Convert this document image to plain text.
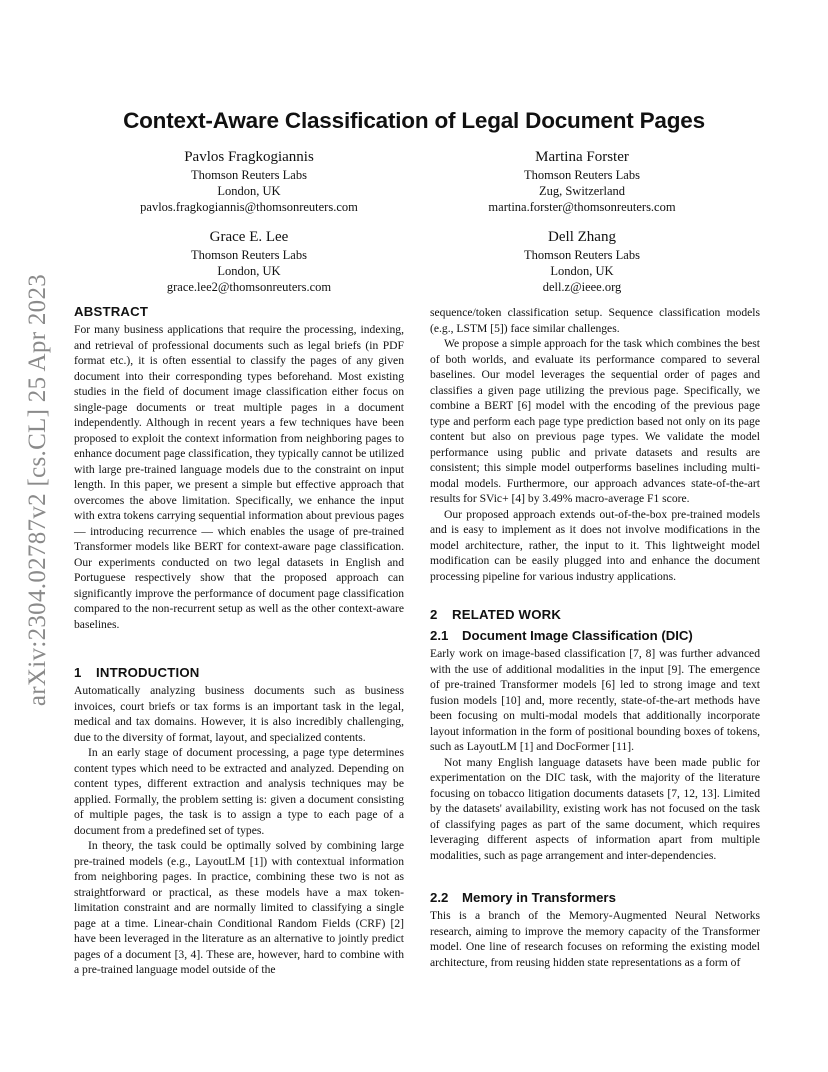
arXiv:2304.02787v2 [cs.CL] 25 Apr 2023
Context-Aware Classification of Legal Document Pages
Pavlos Fragkogiannis
Thomson Reuters Labs
London, UK
pavlos.fragkogiannis@thomsonreuters.com
Martina Forster
Thomson Reuters Labs
Zug, Switzerland
martina.forster@thomsonreuters.com
Grace E. Lee
Thomson Reuters Labs
London, UK
grace.lee2@thomsonreuters.com
Dell Zhang
Thomson Reuters Labs
London, UK
dell.z@ieee.org
ABSTRACT

For many business applications that require the processing, indexing, and retrieval of professional documents such as legal briefs (in PDF format etc.), it is often essential to classify the pages of any given document into their corresponding types beforehand. Most existing studies in the field of document image classification either focus on single-page documents or treat multiple pages in a document independently. Although in recent years a few techniques have been proposed to exploit the context information from neighboring pages to enhance document page classification, they typically cannot be utilized with large pre-trained language models due to the constraint on input length. In this paper, we present a simple but effective approach that overcomes the above limitation. Specifically, we enhance the input with extra tokens carrying sequential information about previous pages — introducing recurrence — which enables the usage of pre-trained Transformer models like BERT for context-aware page classification. Our experiments conducted on two legal datasets in English and Portuguese respectively show that the proposed approach can significantly improve the performance of document page classification compared to the non-recurrent setup as well as the other context-aware baselines.

1 INTRODUCTION

Automatically analyzing business documents such as business invoices, court briefs or tax forms is an important task in the legal, medical and tax domains. However, it is also incredibly challenging, due to the diversity of format, layout, and specialized contents.

In an early stage of document processing, a page type determines content types which need to be extracted and analyzed. Depending on content types, different extraction and analysis techniques may be applied. Formally, the problem setting is: given a document consisting of multiple pages, the task is to assign a type to each page of a document from a predefined set of types.

In theory, the task could be optimally solved by combining large pre-trained models (e.g., LayoutLM [1]) with contextual information from neighboring pages. In practice, combining these two is not as straightforward or practical, as these models have a max token-limitation constraint and are normally limited to classifying a single page at a time. Linear-chain Conditional Random Fields (CRF) [2] have been leveraged in the literature as an alternative to jointly predict pages of a document [3, 4]. These are, however, hard to combine with a pre-trained language model outside of the

sequence/token classification setup. Sequence classification models (e.g., LSTM [5]) face similar challenges.

We propose a simple approach for the task which combines the best of both worlds, and evaluate its performance compared to several baselines. Our model leverages the sequential order of pages and classifies a given page utilizing the previous page. Specifically, we combine a BERT [6] model with the encoding of the previous page type and perform each page type prediction based not only on its page content but also on previous page types. We validate the model performance using public and private datasets and results are consistent; this simple model outperforms baselines including multi-modal models. Furthermore, our approach advances state-of-the-art results for SVic+ [4] by 3.49% macro-average F1 score.

Our proposed approach extends out-of-the-box pre-trained models and is easy to implement as it does not involve modifications in the model architecture, rather, the input to it. This lightweight model modification can be easily plugged into and enhance the document processing pipeline for various industry applications.

2 RELATED WORK
2.1 Document Image Classification (DIC)

Early work on image-based classification [7, 8] was further advanced with the use of additional modalities in the input [9]. The emergence of pre-trained Transformer models [6] led to strong image and text fusion models [10] and, more recently, state-of-the-art methods have been focusing on multi-modal models that additionally incorporate layout information in the form of positional bounding boxes of tokens, such as LayoutLM [1] and DocFormer [11].

Not many English language datasets have been made public for experimentation on the DIC task, with the majority of the literature focusing on tobacco litigation documents datasets [7, 12, 13]. Limited by the datasets' availability, existing work has not focused on the task of classifying pages as part of the same document, which requires leveraging different aspects of information apart from multiple modalities, such as page arrangement and inter-dependencies.

2.2 Memory in Transformers

This is a branch of the Memory-Augmented Neural Networks research, aiming to improve the memory capacity of the Transformer model. One line of research focuses on reforming the existing model architecture, from reusing hidden state representations as a form of
